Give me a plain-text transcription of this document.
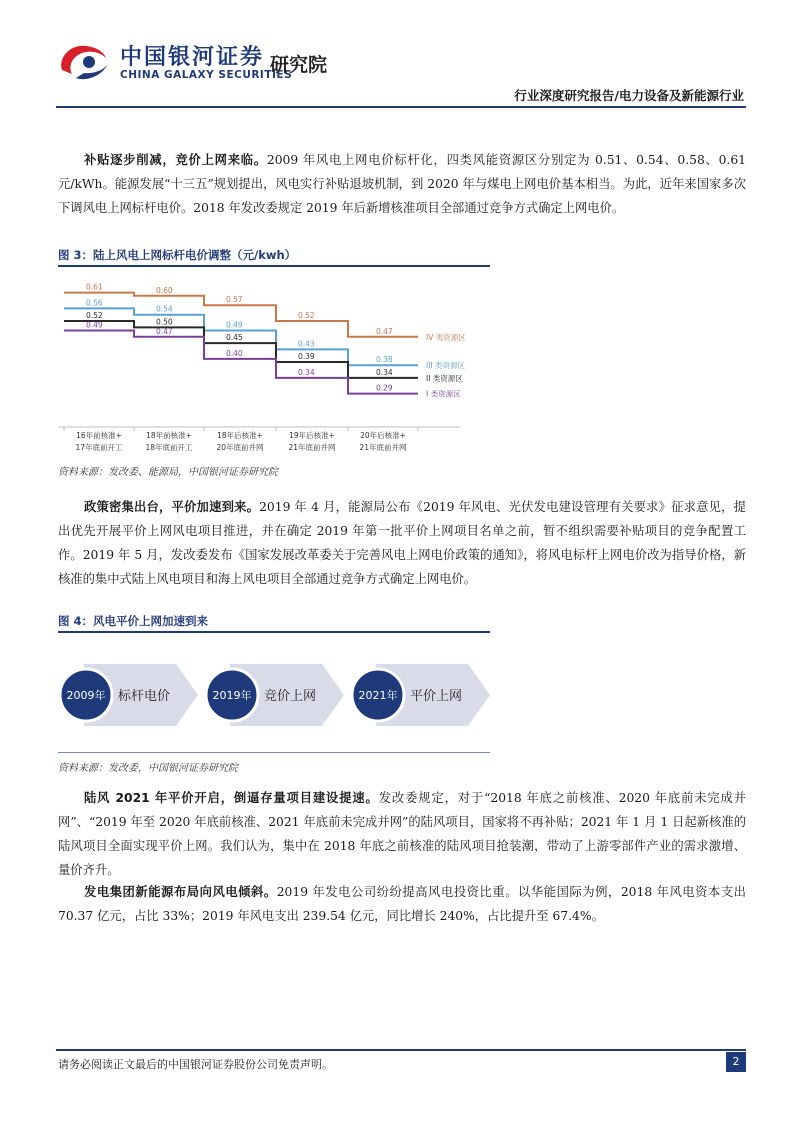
中国银河证券
CHINA GALAXY SECURITIES
研究院
行业深度研究报告/电力设备及新能源行业

补贴逐步削减，竞价上网来临。2009 年风电上网电价标杆化，四类风能资源区分别定为 0.51、0.54、0.58、0.61 元/kWh。能源发展“十三五”规划提出，风电实行补贴退坡机制，到 2020 年与煤电上网电价基本相当。为此，近年来国家多次下调风电上网标杆电价。2018 年发改委规定 2019 年后新增核准项目全部通过竞争方式确定上网电价。

图 3：陆上风电上网标杆电价调整（元/kwh）
0.61	0.60
0.57
0.52
0.47
IV 类资源区
0.56
0.54
0.49
0.43
0.38
III 类资源区
0.52
0.50
0.45
0.39
0.34
II 类资源区
0.49
0.47
0.40
0.34
0.29
I 类资源区
16年前核准+
17年底前开工
18年前核准+
18年底前开工
18年后核准+
20年底前并网
19年后核准+
21年底前并网
20年后核准+
21年底前并网
资料来源：发改委、能源局，中国银河证券研究院

政策密集出台，平价加速到来。2019 年 4 月，能源局公布《2019 年风电、光伏发电建设管理有关要求》征求意见，提出优先开展平价上网风电项目推进，并在确定 2019 年第一批平价上网项目名单之前，暂不组织需要补贴项目的竞争配置工作。2019 年 5 月，发改委发布《国家发展改革委关于完善风电上网电价政策的通知》，将风电标杆上网电价改为指导价格，新核准的集中式陆上风电项目和海上风电项目全部通过竞争方式确定上网电价。

图 4：风电平价上网加速到来
2009年 标杆电价	2019年 竞价上网	2021年 平价上网
资料来源：发改委，中国银河证券研究院

陆风 2021 年平价开启，倒逼存量项目建设提速。发改委规定，对于“2018 年底之前核准、2020 年底前未完成并网”、“2019 年至 2020 年底前核准、2021 年底前未完成并网”的陆风项目，国家将不再补贴；2021 年 1 月 1 日起新核准的陆风项目全面实现平价上网。我们认为，集中在 2018 年底之前核准的陆风项目抢装潮，带动了上游零部件产业的需求激增、量价齐升。

发电集团新能源布局向风电倾斜。2019 年发电公司纷纷提高风电投资比重。以华能国际为例，2018 年风电资本支出 70.37 亿元，占比 33%；2019 年风电支出 239.54 亿元，同比增长 240%，占比提升至 67.4%。

请务必阅读正文最后的中国银河证券股份公司免责声明。	2
